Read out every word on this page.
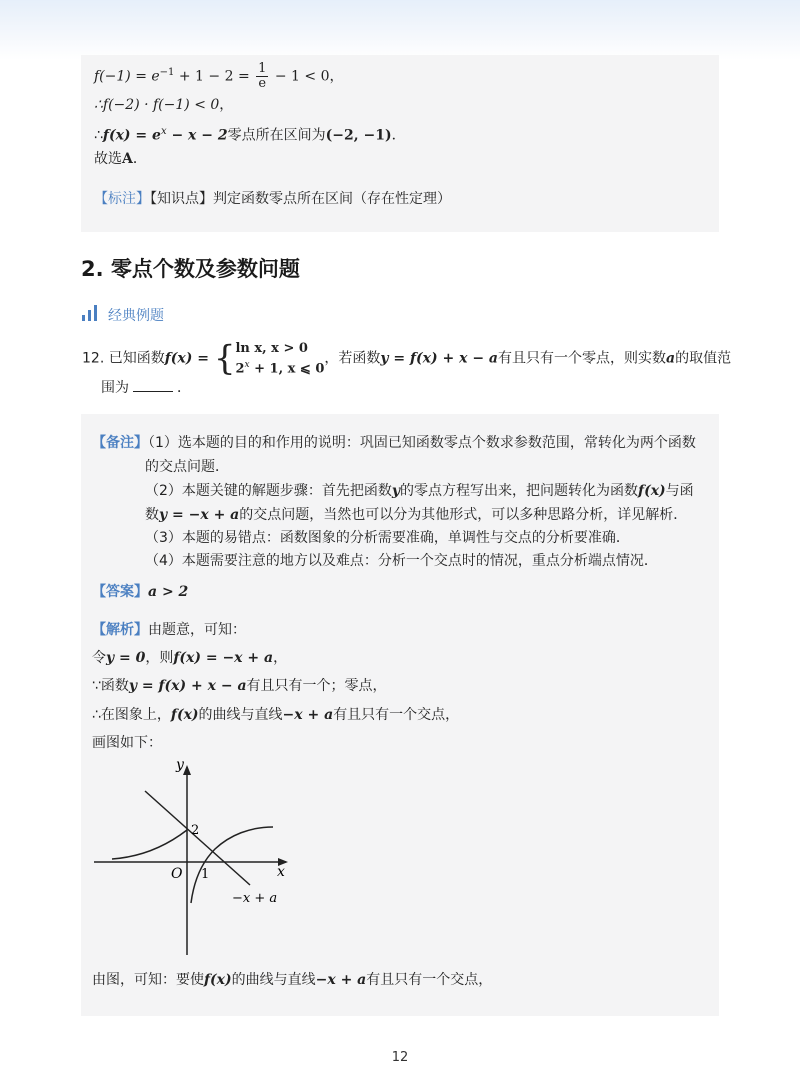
$f(-1) = e^{-1} + 1 - 2 = \frac{1}{e} - 1 < 0$，
∴f(−2) · f(−1) < 0，
∴f(x) = $e^x - x - 2$零点所在区间为(−2, −1)．
故选A．
【标注】【知识点】判定函数零点所在区间（存在性定理）
2. 零点个数及参数问题
经典例题
12. 已知函数f(x) = { ln x, x > 0
$2^x + 1$, x ⩽ 0
，若函数y = f(x) + x − a有且只有一个零点，则实数a的取值范
围为	．
【备注】（1）选本题的目的和作用的说明：巩固已知函数零点个数求参数范围，常转化为两个函数
的交点问题．
（2）本题关键的解题步骤：首先把函数y的零点方程写出来，把问题转化为函数f(x)与函
数y = −x + a的交点问题，当然也可以分为其他形式，可以多种思路分析，详见解析．
（3）本题的易错点：函数图象的分析需要准确，单调性与交点的分析要准确．
（4）本题需要注意的地方以及难点：分析一个交点时的情况，重点分析端点情况．
【答案】a > 2
【解析】由题意，可知：
令y = 0，则f(x) = −x + a，
∵函数y = f(x) + x − a有且只有一个；零点，
∴在图象上，f(x)的曲线与直线−x + a有且只有一个交点，
画图如下：
y
x
O 1
2
−x + a
由图，可知：要使f(x)的曲线与直线−x + a有且只有一个交点，
12
